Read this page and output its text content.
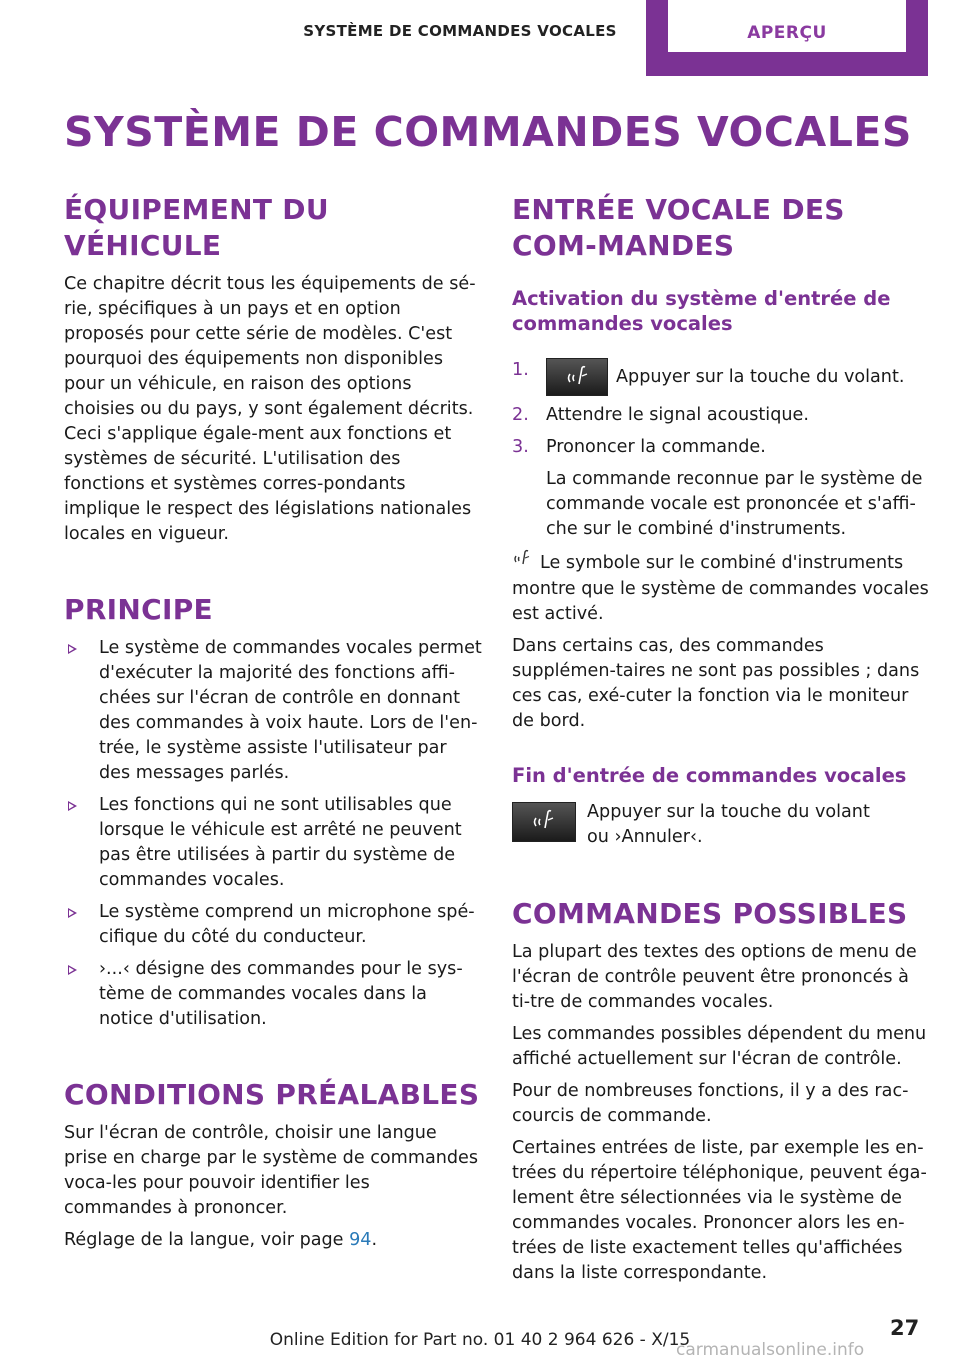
SYSTÈME DE COMMANDES VOCALES	APERÇU
SYSTÈME DE COMMANDES VOCALES
ÉQUIPEMENT DU VÉHICULE

Ce chapitre décrit tous les équipements de sé‐rie, spécifiques à un pays et en option proposés pour cette série de modèles. C'est pourquoi des équipements non disponibles pour un véhicule, en raison des options choisies ou du pays, y sont également décrits. Ceci s'applique égale‐ment aux fonctions et systèmes de sécurité. L'utilisation des fonctions et systèmes corres‐pondants implique le respect des législations nationales locales en vigueur.

PRINCIPE
Le système de commandes vocales permet d'exécuter la majorité des fonctions affi‐chées sur l'écran de contrôle en donnant des commandes à voix haute. Lors de l'en‐trée, le système assiste l'utilisateur par des messages parlés.
Les fonctions qui ne sont utilisables que lorsque le véhicule est arrêté ne peuvent pas être utilisées à partir du système de commandes vocales.
Le système comprend un microphone spé‐cifique du côté du conducteur.
›...‹ désigne des commandes pour le sys‐tème de commandes vocales dans la notice d'utilisation.
CONDITIONS PRÉALABLES

Sur l'écran de contrôle, choisir une langue prise en charge par le système de commandes voca‐les pour pouvoir identifier les commandes à prononcer.

Réglage de la langue, voir page 94.

ENTRÉE VOCALE DES COM‐MANDES
Activation du système d'entrée de commandes vocales
1.	Appuyer sur la touche du volant.
2. Attendre le signal acoustique.
3. Prononcer la commande.
La commande reconnue par le système de commande vocale est prononcée et s'affi‐che sur le combiné d'instruments.

Le symbole sur le combiné d'instruments montre que le système de commandes vocales est activé.

Dans certains cas, des commandes supplémen‐taires ne sont pas possibles ; dans ces cas, exé‐cuter la fonction via le moniteur de bord.

Fin d'entrée de commandes vocales
Appuyer sur la touche du volant
ou ›Annuler‹.
COMMANDES POSSIBLES

La plupart des textes des options de menu de l'écran de contrôle peuvent être prononcés à ti‐tre de commandes vocales.

Les commandes possibles dépendent du menu affiché actuellement sur l'écran de contrôle.

Pour de nombreuses fonctions, il y a des rac‐courcis de commande.

Certaines entrées de liste, par exemple les en‐trées du répertoire téléphonique, peuvent éga‐lement être sélectionnées via le système de commandes vocales. Prononcer alors les en‐trées de liste exactement telles qu'affichées dans la liste correspondante.

Online Edition for Part no. 01 40 2 964 626 - X/15	27
carmanualsonline.info
